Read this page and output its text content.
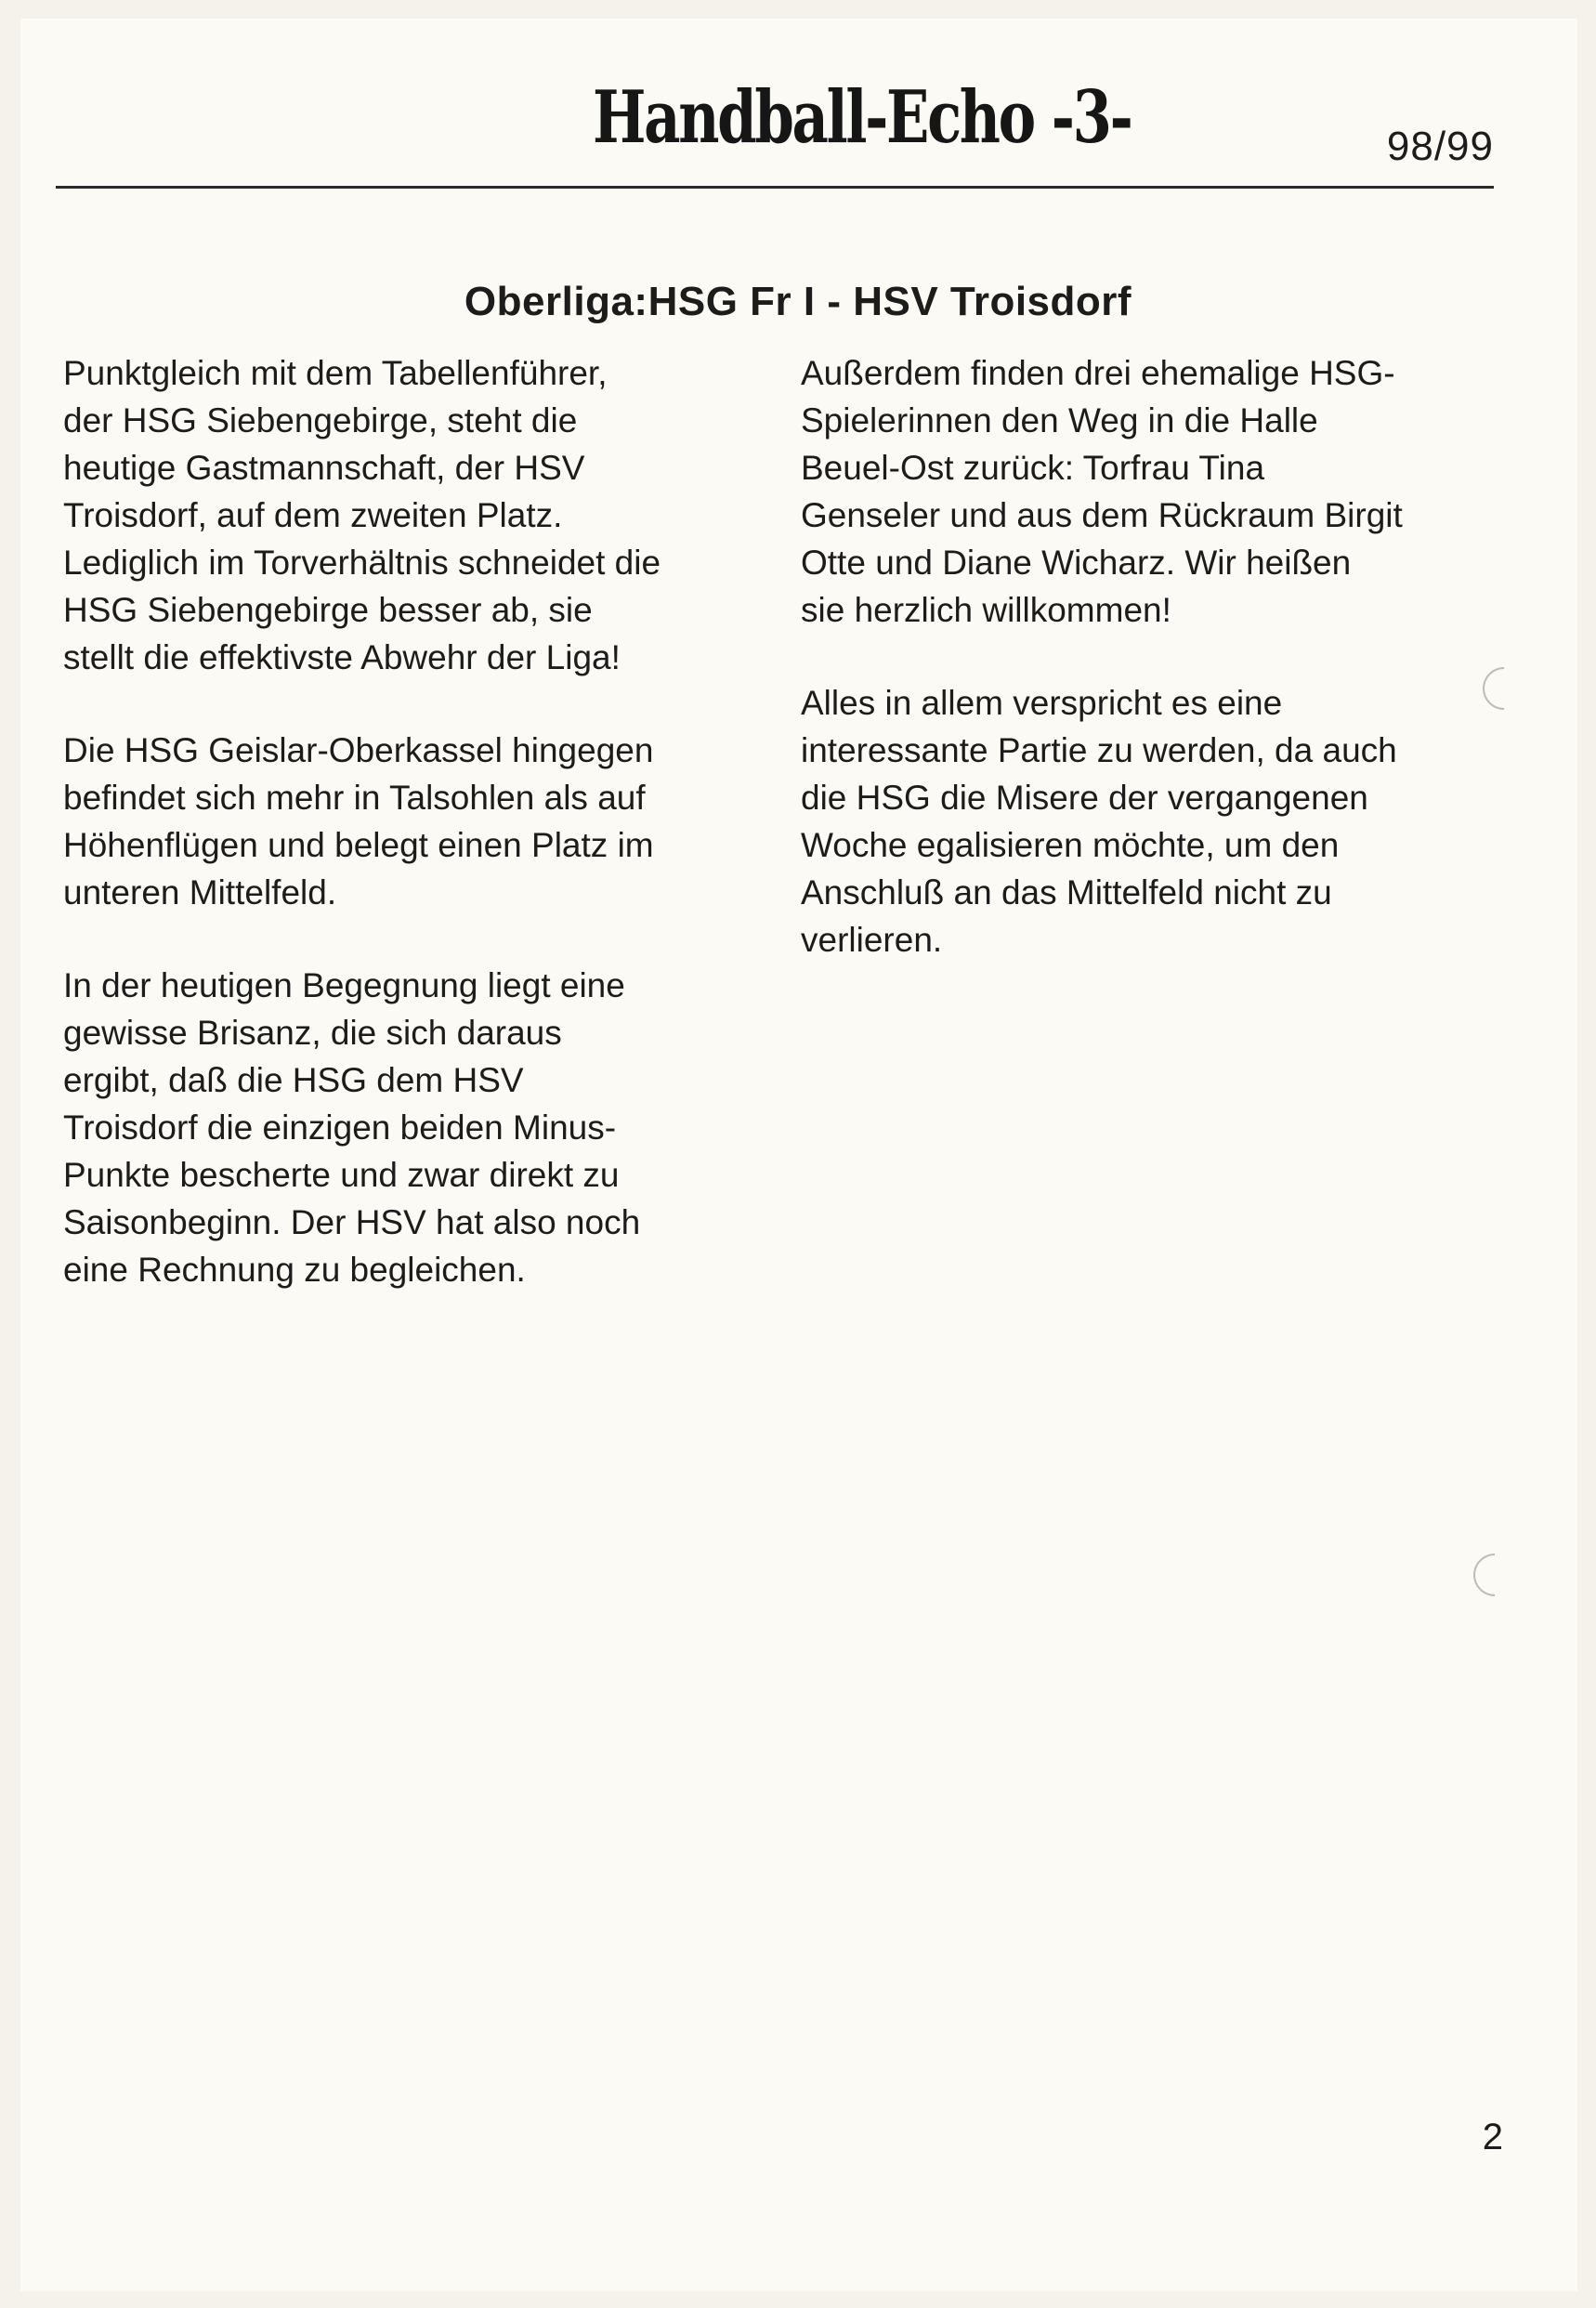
Handball-Echo -3-	98/99
Oberliga:HSG Fr I - HSV Troisdorf

Punktgleich mit dem Tabellenführer,
der HSG Siebengebirge, steht die
heutige Gastmannschaft, der HSV
Troisdorf, auf dem zweiten Platz.
Lediglich im Torverhältnis schneidet die
HSG Siebengebirge besser ab, sie
stellt die effektivste Abwehr der Liga!

Die HSG Geislar-Oberkassel hingegen
befindet sich mehr in Talsohlen als auf
Höhenflügen und belegt einen Platz im
unteren Mittelfeld.

In der heutigen Begegnung liegt eine
gewisse Brisanz, die sich daraus
ergibt, daß die HSG dem HSV
Troisdorf die einzigen beiden Minus-
Punkte bescherte und zwar direkt zu
Saisonbeginn. Der HSV hat also noch
eine Rechnung zu begleichen.

Außerdem finden drei ehemalige HSG-
Spielerinnen den Weg in die Halle
Beuel-Ost zurück: Torfrau Tina
Genseler und aus dem Rückraum Birgit
Otte und Diane Wicharz. Wir heißen
sie herzlich willkommen!

Alles in allem verspricht es eine
interessante Partie zu werden, da auch
die HSG die Misere der vergangenen
Woche egalisieren möchte, um den
Anschluß an das Mittelfeld nicht zu
verlieren.

2
